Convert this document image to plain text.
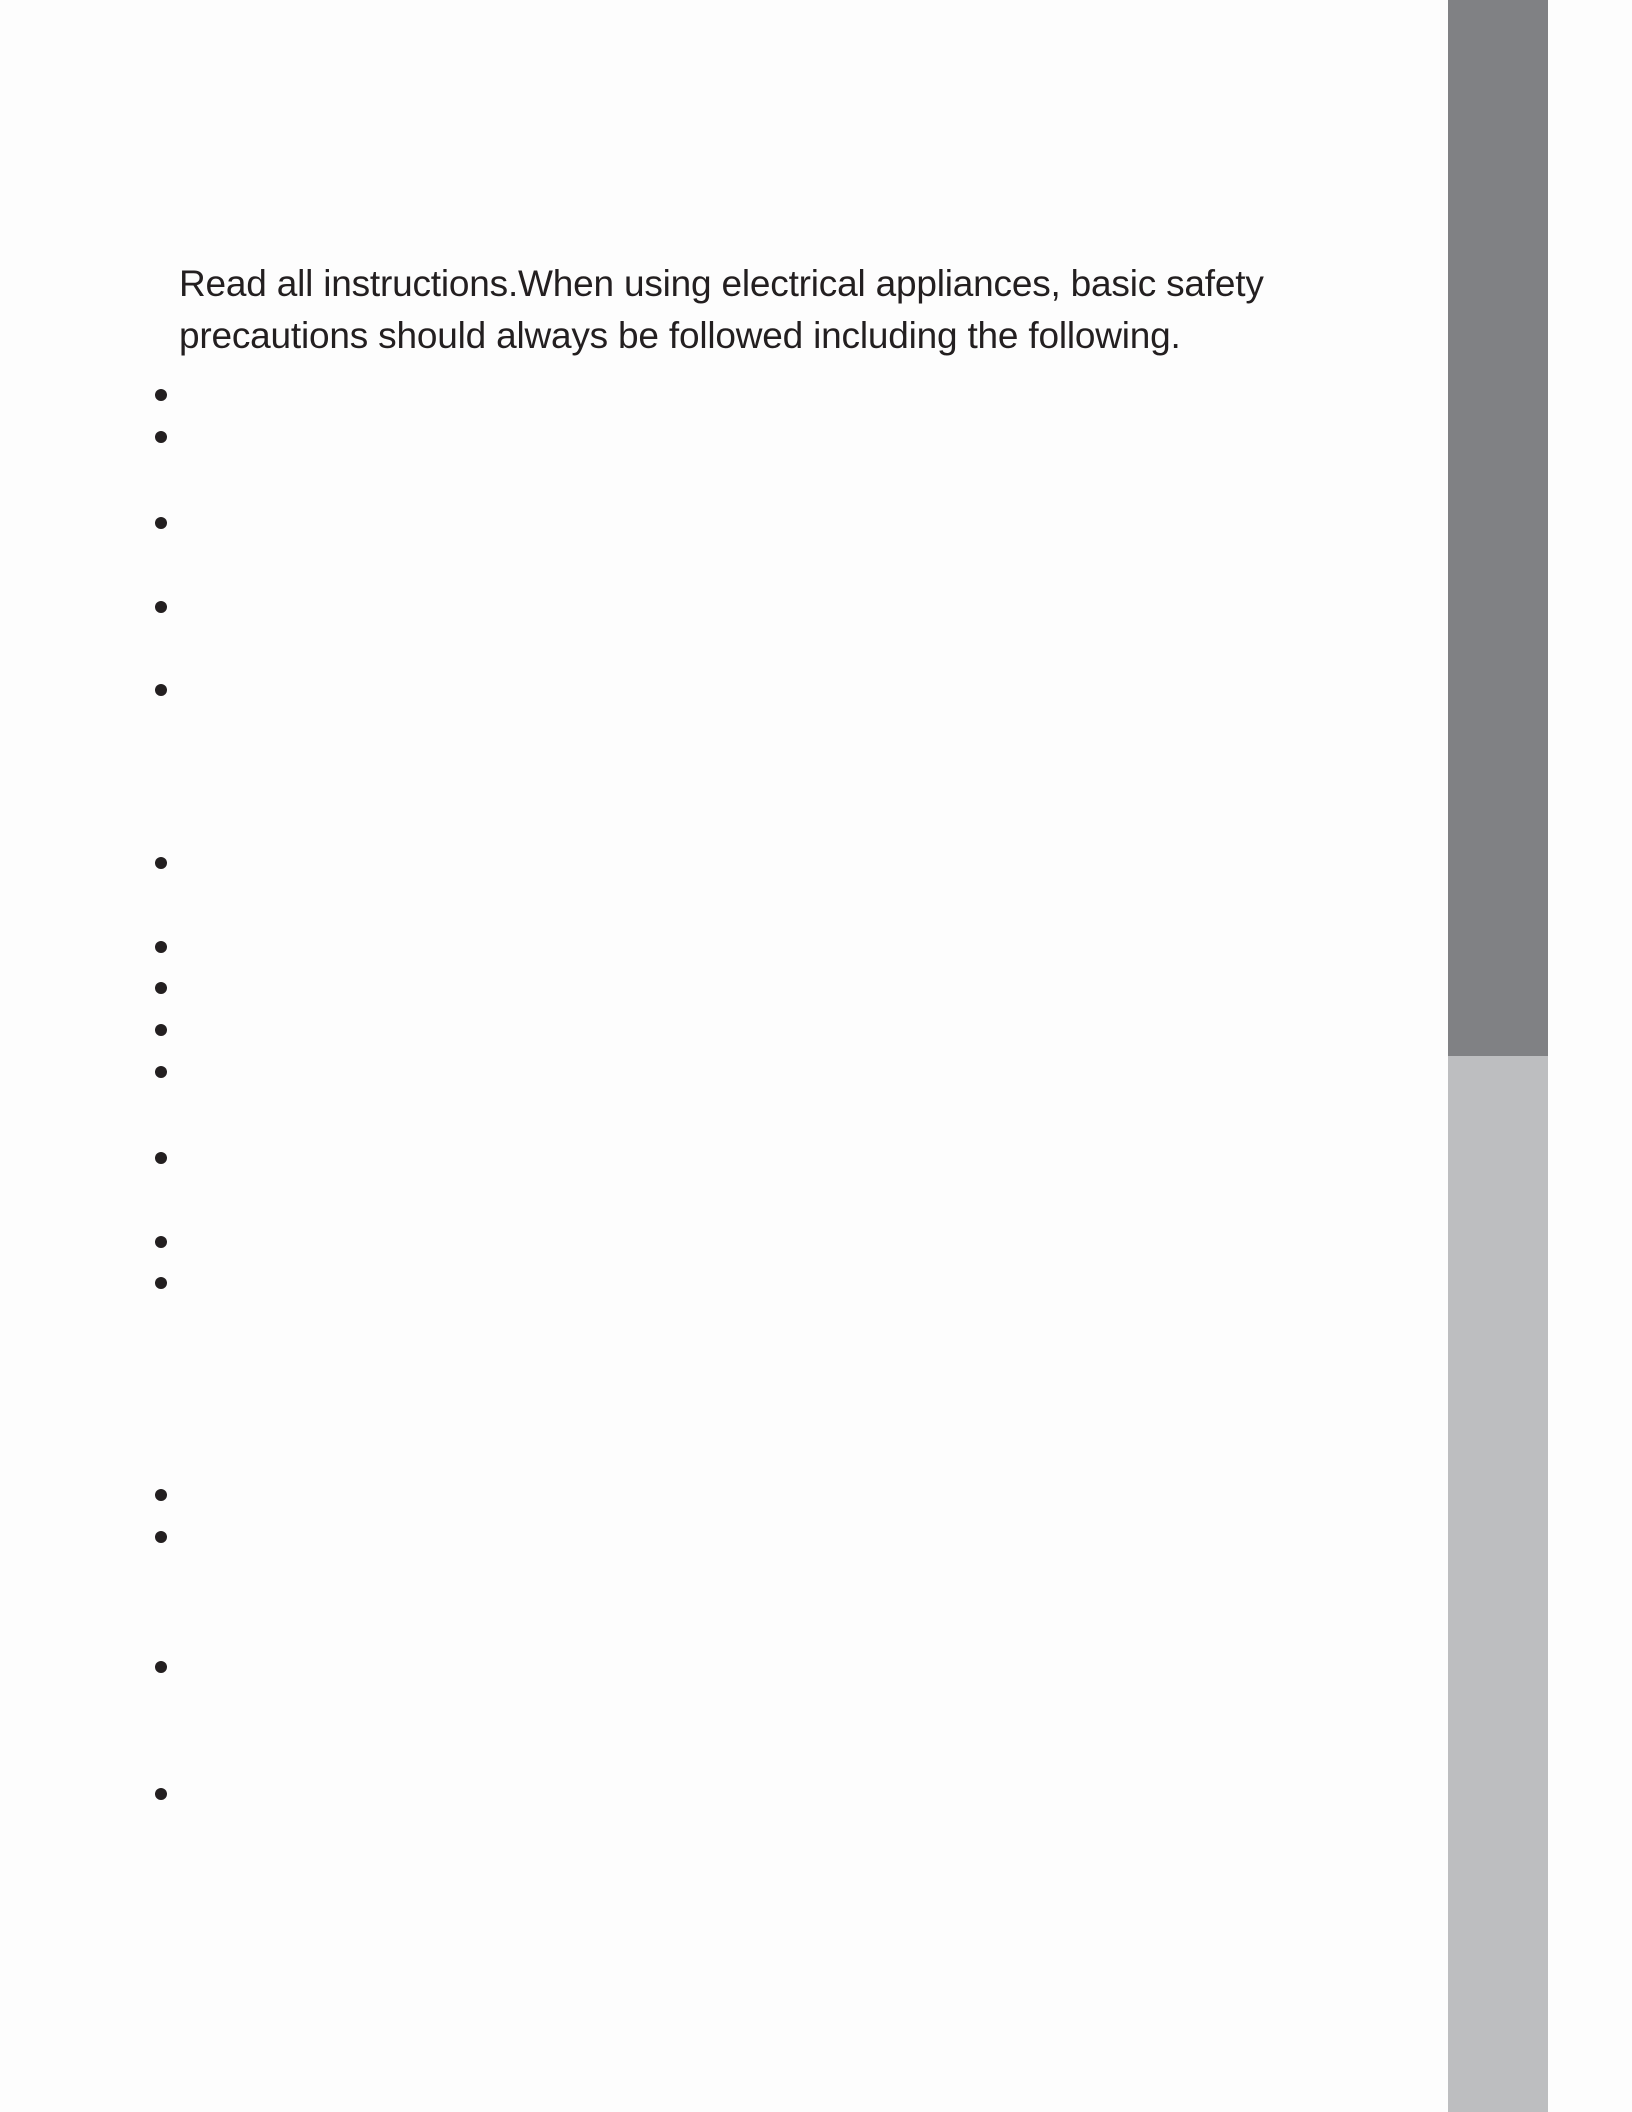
Read all instructions.When using electrical appliances, basic safety
precautions should always be followed including the following.
